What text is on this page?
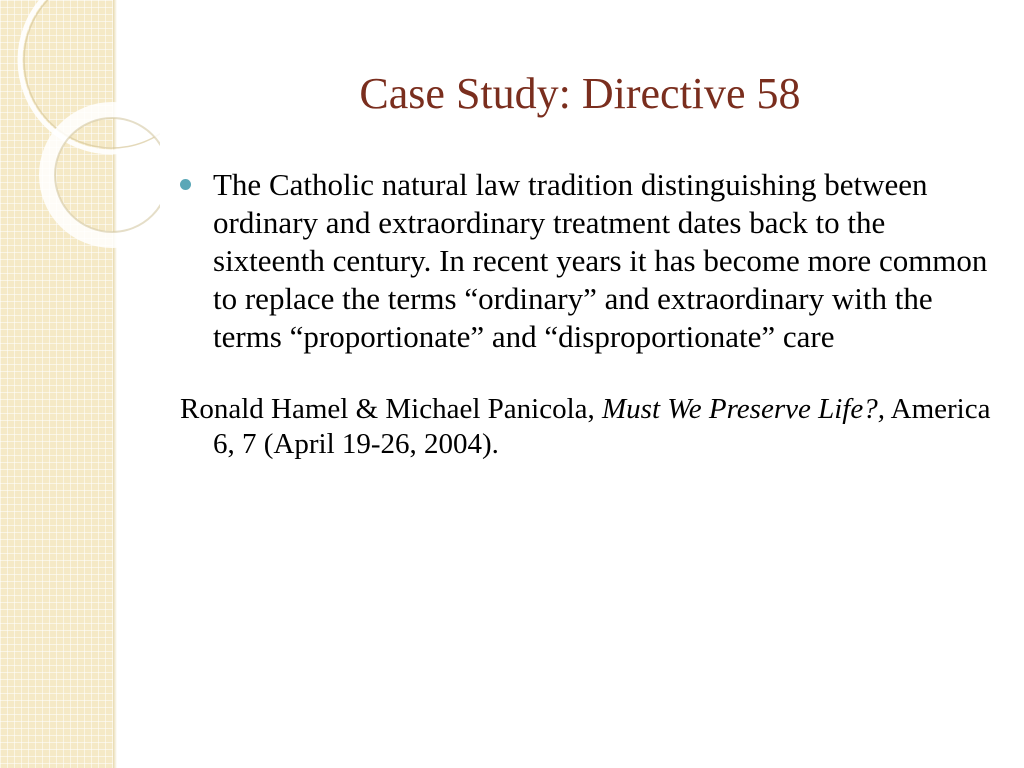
Case Study: Directive 58

The Catholic natural law tradition distinguishing between ordinary and extraordinary treatment dates back to the sixteenth century. In recent years it has become more common to replace the terms “ordinary” and extraordinary with the terms “proportionate” and “disproportionate” care

Ronald Hamel & Michael Panicola, Must We Preserve Life?, America 6, 7 (April 19-26, 2004).
